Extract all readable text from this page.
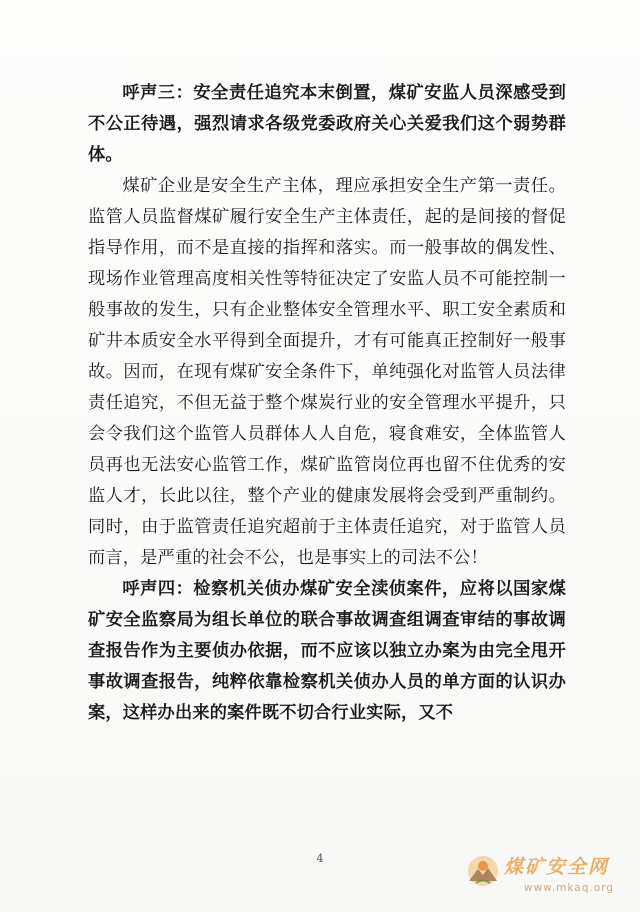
呼声三：安全责任追究本末倒置，煤矿安监人员深感受到不公正待遇，强烈请求各级党委政府关心关爱我们这个弱势群体。

煤矿企业是安全生产主体，理应承担安全生产第一责任。监管人员监督煤矿履行安全生产主体责任，起的是间接的督促指导作用，而不是直接的指挥和落实。而一般事故的偶发性、现场作业管理高度相关性等特征决定了安监人员不可能控制一般事故的发生，只有企业整体安全管理水平、职工安全素质和矿井本质安全水平得到全面提升，才有可能真正控制好一般事故。因而，在现有煤矿安全条件下，单纯强化对监管人员法律责任追究，不但无益于整个煤炭行业的安全管理水平提升，只会令我们这个监管人员群体人人自危，寝食难安，全体监管人员再也无法安心监管工作，煤矿监管岗位再也留不住优秀的安监人才，长此以往，整个产业的健康发展将会受到严重制约。同时，由于监管责任追究超前于主体责任追究，对于监管人员而言，是严重的社会不公，也是事实上的司法不公！

呼声四：检察机关侦办煤矿安全渎侦案件，应将以国家煤矿安全监察局为组长单位的联合事故调查组调查审结的事故调查报告作为主要侦办依据，而不应该以独立办案为由完全甩开事故调查报告，纯粹依靠检察机关侦办人员的单方面的认识办案，这样办出来的案件既不切合行业实际，又不

4	煤矿安全网
www.mkaq.org
